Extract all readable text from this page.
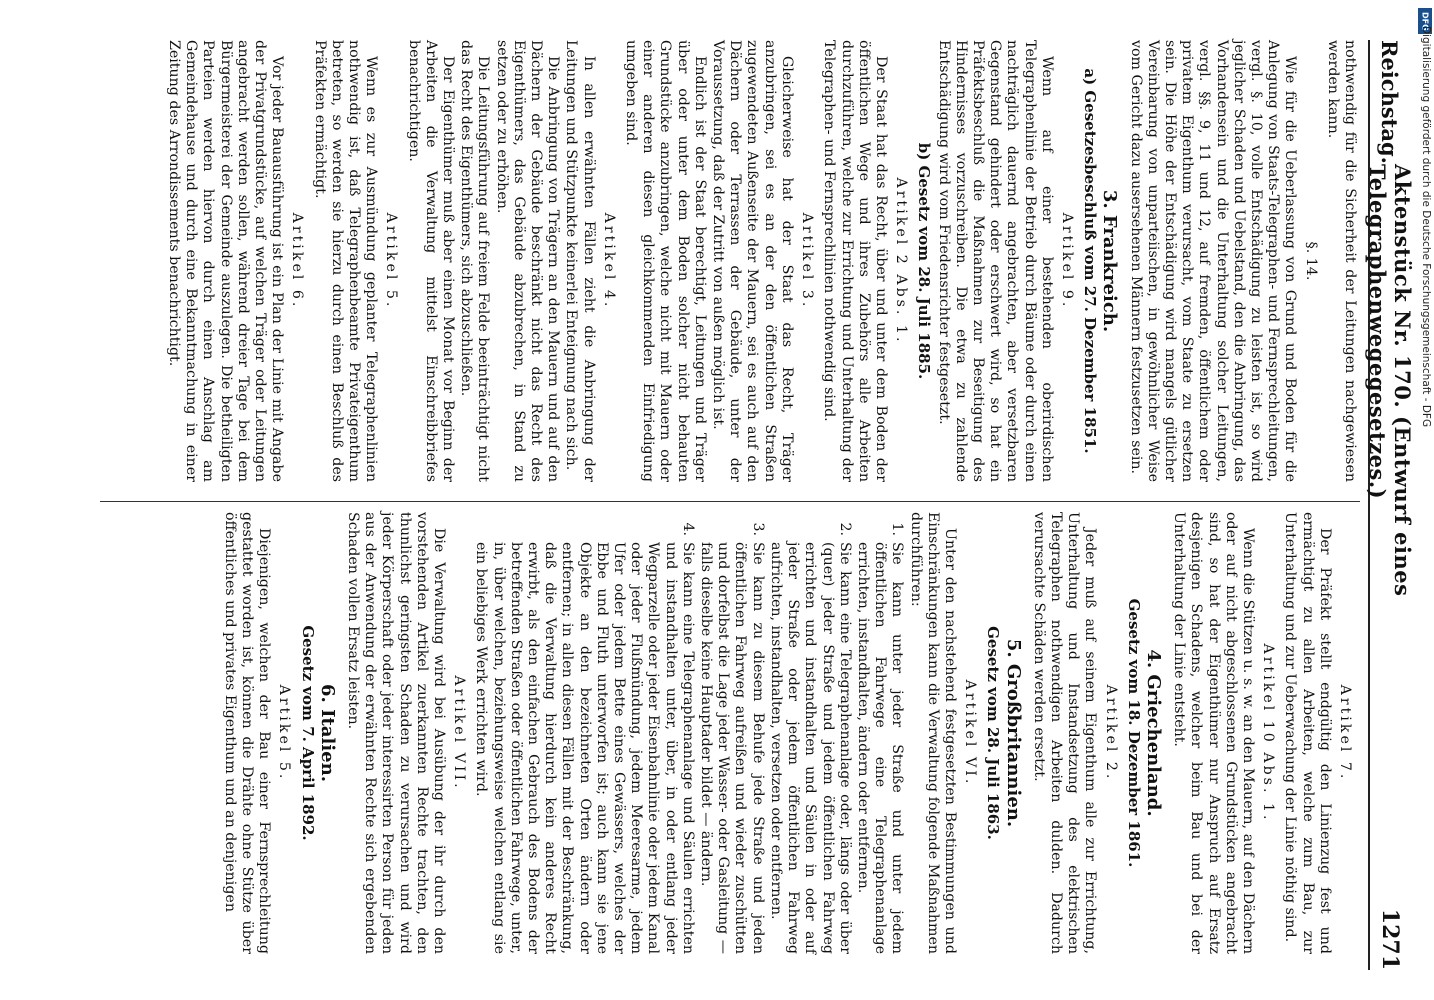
Reichstag.
Aktenstück Nr. 170. (Entwurf eines Telegraphenwegegesetzes.)
1271

nothwendig für die Sicherheit der Leitungen nachgewiesen werden kann.

§. 14.

Wie für die Ueberlassung von Grund und Boden für die Anlegung von Staats-Telegraphen- und Fernsprechleitungen, vergl. §. 10, volle Entschädigung zu leisten ist, so wird jeglicher Schaden und Uebelstand, den die Anbringung, das Vorhandensein und die Unterhaltung solcher Leitungen, vergl. §§. 9, 11 und 12, auf fremden, öffentlichem oder privatem Eigenthum verursacht, vom Staate zu ersetzen sein. Die Höhe der Entschädigung wird mangels gütlicher Vereinbarung von unparteiischen, in gewöhnlicher Weise vom Gericht dazu ausersehenen Männern festzusetzen sein.

3. Frankreich.
a) Gesetzesbeschluß vom 27. Dezember 1851.

Artikel 9.

Wenn auf einer bestehenden oberirdischen Telegraphenlinie der Betrieb durch Bäume oder durch einen nachträglich dauernd angebrachten, aber versetzbaren Gegenstand gehindert oder erschwert wird, so hat ein Präfektsbeschluß die Maßnahmen zur Beseitigung des Hindernisses vorzuschreiben. Die etwa zu zahlende Entschädigung wird vom Friedensrichter festgesetzt.

b) Gesetz vom 28. Juli 1885.

Artikel 2 Abs. 1.

Der Staat hat das Recht, über und unter dem Boden der öffentlichen Wege und ihres Zubehörs alle Arbeiten durchzuführen, welche zur Errichtung und Unterhaltung der Telegraphen- und Fernsprechlinien nothwendig sind.

Artikel 3.

Gleicherweise hat der Staat das Recht, Träger anzubringen, sei es an der den öffentlichen Straßen zugewendeten Außenseite der Mauern, sei es auch auf den Dächern oder Terrassen der Gebäude, unter der Voraussetzung, daß der Zutritt von außen möglich ist.

Endlich ist der Staat berechtigt, Leitungen und Träger über oder unter dem Boden solcher nicht behauten Grundstücke anzubringen, welche nicht mit Mauern oder einer anderen diesen gleichkommenden Einfriedigung umgeben sind.

Artikel 4.

In allen erwähnten Fällen zieht die Anbringung der Leitungen und Stützpunkte keinerlei Enteignung nach sich.

Die Anbringung von Trägern an den Mauern und auf den Dächern der Gebäude beschränkt nicht das Recht des Eigenthümers, das Gebäude abzubrechen, in Stand zu setzen oder zu erhöhen.

Die Leitungsführung auf freiem Felde beeinträchtigt nicht das Recht des Eigenthümers, sich abzuschließen.

Der Eigenthümer muß aber einen Monat vor Beginn der Arbeiten die Verwaltung mittelst Einschreibbriefes benachrichtigen.

Artikel 5.

Wenn es zur Ausmündung geplanter Telegraphenlinien nothwendig ist, daß Telegraphenbeamte Privateigenthum betreten, so werden sie hierzu durch einen Beschluß des Präfekten ermächtigt.

Artikel 6.

Vor jeder Bauausführung ist ein Plan der Linie mit Angabe der Privatgrundstücke, auf welchen Träger oder Leitungen angebracht werden sollen, während dreier Tage bei dem Bürgermeisterei der Gemeinde auszulegen. Die betheiligten Parteien werden hiervon durch einen Anschlag am Gemeindehause und durch eine Bekanntmachung in einer Zeitung des Arrondissements benachrichtigt.

Artikel 7.

Der Präfekt stellt endgültig den Linienzug fest und ermächtigt zu allen Arbeiten, welche zum Bau, zur Unterhaltung und zur Ueberwachung der Linie nöthig sind.

Artikel 10 Abs. 1.

Wenn die Stützen u. s. w. an den Mauern, auf den Dächern oder auf nicht abgeschlossenen Grundstücken angebracht sind, so hat der Eigenthümer nur Anspruch auf Ersatz desjenigen Schadens, welcher beim Bau und bei der Unterhaltung der Linie entsteht.

4. Griechenland.
Gesetz vom 18. Dezember 1861.

Artikel 2.

Jeder muß auf seinem Eigenthum alle zur Errichtung, Unterhaltung und Instandsetzung des elektrischen Telegraphen nothwendigen Arbeiten dulden. Dadurch verursachte Schäden werden ersetzt.

5. Großbritannien.
Gesetz vom 28. Juli 1863.

Artikel VI.

Unter den nachstehend festgesetzten Bestimmungen und Einschränkungen kann die Verwaltung folgende Maßnahmen durchführen:

1.
Sie kann unter jeder Straße und unter jedem öffentlichen Fahrwege eine Telegraphenanlage errichten, instandhalten, ändern oder entfernen.
2.
Sie kann eine Telegraphenanlage oder, längs oder über (quer) jeder Straße und jedem öffentlichen Fahrweg errichten und instandhalten und Säulen in oder auf jeder Straße oder jedem öffentlichen Fahrweg aufrichten, instandhalten, versetzen oder entfernen.
3.
Sie kann zu diesem Behufe jede Straße und jeden öffentlichen Fahrweg aufreißen und wieder zuschütten und dorfelbst die Lage jeder Wasser- oder Gasleitung — falls dieselbe keine Hauptader bildet — ändern.
4.
Sie kann eine Telegraphenanlage und Säulen errichten und instandhalten unter, über, in oder entlang jeder Wegparzelle oder jeder Eisenbahnlinie oder jedem Kanal oder jeder Flußmündung, jedem Meeresarme, jedem Ufer oder jedem Bette eines Gewässers, welches der Ebbe und Fluth unterworfen ist; auch kann sie jene Objekte an den bezeichneten Orten ändern oder entfernen; in allen diesen Fällen mit der Beschränkung, daß die Verwaltung hierdurch kein anderes Recht erwirbt, als den einfachen Gebrauch des Bodens der betreffenden Straßen oder öffentlichen Fahrwege, unter, in, über welchen, beziehungsweise welchen entlang sie ein beliebiges Werk errichten wird.

Artikel VII.

Die Verwaltung wird bei Ausübung der ihr durch den vorstehenden Artikel zuerkannten Rechte trachten, den thunlichst geringsten Schaden zu verursachen und wird jeder Körperschaft oder jeder interessirten Person für jeden aus der Anwendung der erwähnten Rechte sich ergebenden Schaden vollen Ersatz leisten.

6. Italien.
Gesetz vom 7. April 1892.

Artikel 5.

Diejenigen, welchen der Bau einer Fernsprechleitung gestattet worden ist, können die Drähte ohne Stütze über öffentliches und privates Eigenthum und an denjenigen

DFG
Digitalisierung gefördert durch die Deutsche Forschungsgemeinschaft - DFG
